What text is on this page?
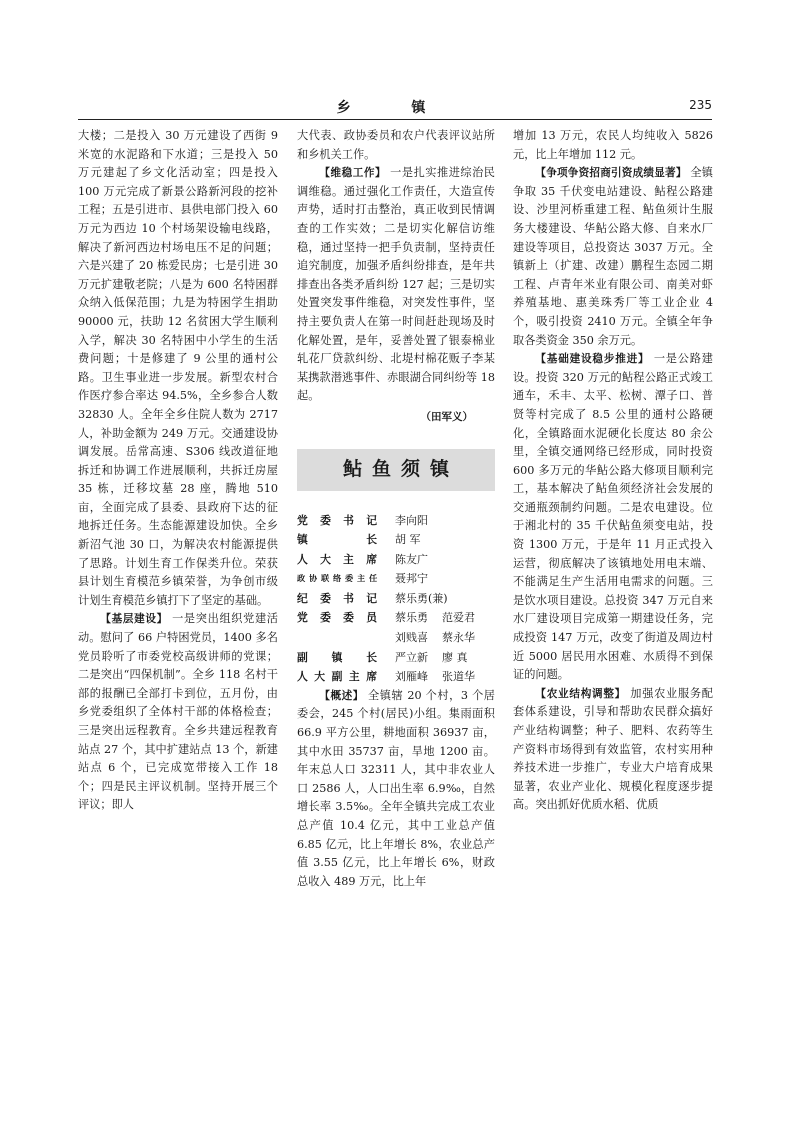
乡 镇	235

大楼；二是投入 30 万元建设了西街 9 米宽的水泥路和下水道；三是投入 50 万元建起了乡文化活动室；四是投入 100 万元完成了新景公路新河段的挖补工程；五是引进市、县供电部门投入 60 万元为西边 10 个村场架设输电线路，解决了新河西边村场电压不足的问题；六是兴建了 20 栋爱民房；七是引进 30 万元扩建敬老院；八是为 600 名特困群众纳入低保范围；九是为特困学生捐助 90000 元，扶助 12 名贫困大学生顺利入学，解决 30 名特困中小学生的生活费问题；十是修建了 9 公里的通村公路。卫生事业进一步发展。新型农村合作医疗参合率达 94.5%，全乡参合人数 32830 人。全年全乡住院人数为 2717 人，补助金额为 249 万元。交通建设协调发展。岳常高速、S306 线改道征地拆迁和协调工作进展顺利，共拆迁房屋 35 栋，迁移坟墓 28 座，腾地 510 亩，全面完成了县委、县政府下达的征地拆迁任务。生态能源建设加快。全乡新沼气池 30 口，为解决农村能源提供了思路。计划生育工作保类升位。荣获县计划生育模范乡镇荣誉，为争创市级计划生育模范乡镇打下了坚定的基础。

【基层建设】 一是突出组织党建活动。慰问了 66 户特困党员，1400 多名党员聆听了市委党校高级讲师的党课；二是突出“四保机制”。全乡 118 名村干部的报酬已全部打卡到位，五月份，由乡党委组织了全体村干部的体格检查；三是突出远程教育。全乡共建远程教育站点 27 个，其中扩建站点 13 个，新建站点 6 个，已完成宽带接入工作 18 个；四是民主评议机制。坚持开展三个评议；即人

大代表、政协委员和农户代表评议站所和乡机关工作。

【维稳工作】 一是扎实推进综治民调维稳。通过强化工作责任，大造宣传声势，适时打击整治，真正收到民情调查的工作实效；二是切实化解信访维稳，通过坚持一把手负责制，坚持责任追究制度，加强矛盾纠纷排查，是年共排查出各类矛盾纠纷 127 起；三是切实处置突发事件维稳，对突发性事件，坚持主要负责人在第一时间赶赴现场及时化解处置，是年，妥善处置了银泰棉业轧花厂贷款纠纷、北堤村棉花贩子李某某携款潜逃事件、赤眼湖合同纠纷等 18 起。

（田军义）
鲇鱼须镇
党委书记 李向阳
镇长 胡 军
人大主席 陈友广
政协联络委主任 聂邦宁
纪委书记 蔡乐勇(兼)
党委委员 蔡乐勇 范爱君
刘贱喜 蔡永华
副镇长 严立新 廖 真
人大副主席 刘雁峰 张道华

【概述】 全镇辖 20 个村，3 个居委会，245 个村(居民)小组。集雨面积 66.9 平方公里，耕地面积 36937 亩，其中水田 35737 亩，旱地 1200 亩。年末总人口 32311 人，其中非农业人口 2586 人，人口出生率 6.9‰，自然增长率 3.5‰。全年全镇共完成工农业总产值 10.4 亿元，其中工业总产值 6.85 亿元，比上年增长 8%，农业总产值 3.55 亿元，比上年增长 6%，财政总收入 489 万元，比上年

增加 13 万元，农民人均纯收入 5826 元，比上年增加 112 元。

【争项争资招商引资成绩显著】 全镇争取 35 千伏变电站建设、鲇程公路建设、沙里河桥重建工程、鲇鱼须计生服务大楼建设、华鲇公路大修、自来水厂建设等项目，总投资达 3037 万元。全镇新上（扩建、改建）鹏程生态园二期工程、卢青年米业有限公司、南美对虾养殖基地、惠美珠秀厂等工业企业 4 个，吸引投资 2410 万元。全镇全年争取各类资金 350 余万元。

【基础建设稳步推进】 一是公路建设。投资 320 万元的鲇程公路正式竣工通车，禾丰、太平、松树、潭子口、普贤等村完成了 8.5 公里的通村公路硬化，全镇路面水泥硬化长度达 80 余公里，全镇交通网络已经形成，同时投资 600 多万元的华鲇公路大修项目顺利完工，基本解决了鲇鱼须经济社会发展的交通瓶颈制约问题。二是农电建设。位于湘北村的 35 千伏鲇鱼须变电站，投资 1300 万元，于是年 11 月正式投入运营，彻底解决了该镇地处用电末端、不能满足生产生活用电需求的问题。三是饮水项目建设。总投资 347 万元自来水厂建设项目完成第一期建设任务，完成投资 147 万元，改变了街道及周边村近 5000 居民用水困难、水质得不到保证的问题。

【农业结构调整】 加强农业服务配套体系建设，引导和帮助农民群众搞好产业结构调整；种子、肥料、农药等生产资料市场得到有效监管，农村实用种养技术进一步推广，专业大户培育成果显著，农业产业化、规模化程度逐步提高。突出抓好优质水稻、优质
